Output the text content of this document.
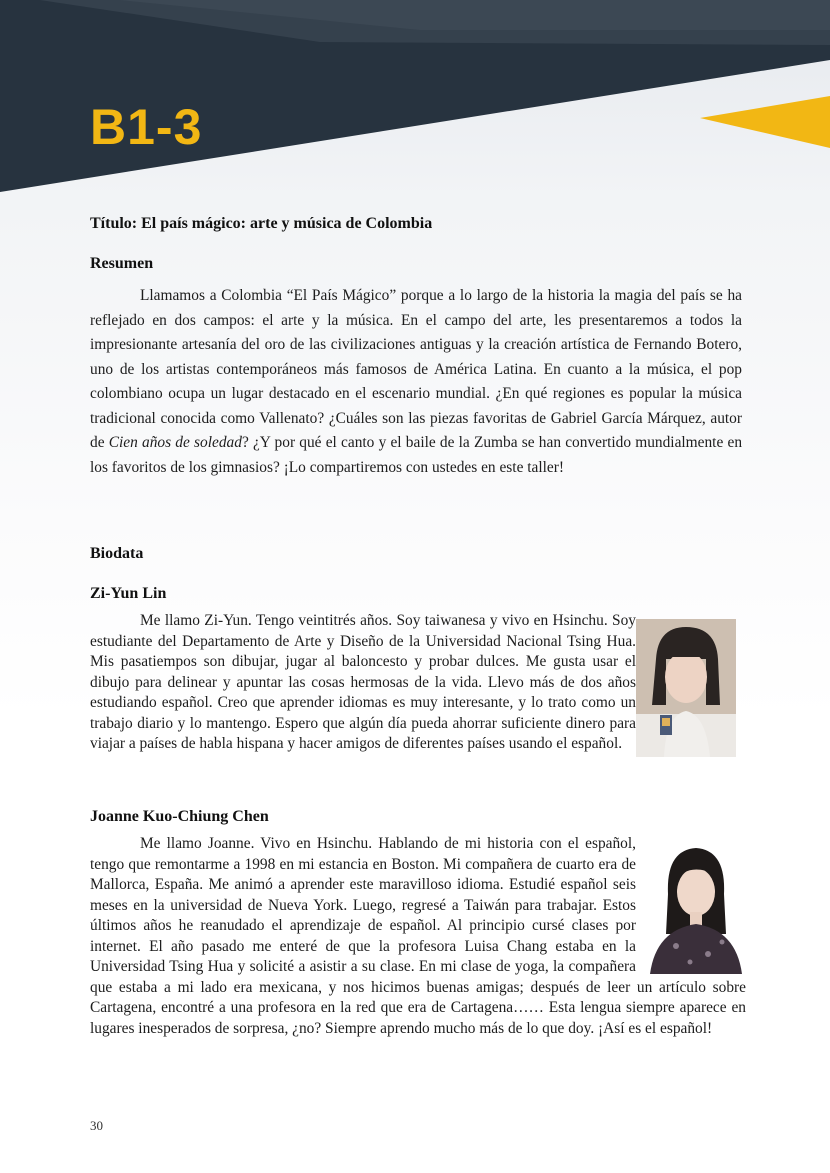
B1-3
Título: El país mágico: arte y música de Colombia
Resumen
Llamamos a Colombia “El País Mágico” porque a lo largo de la historia la magia del país se ha reflejado en dos campos: el arte y la música. En el campo del arte, les presentaremos a todos la impresionante artesanía del oro de las civilizaciones antiguas y la creación artística de Fernando Botero, uno de los artistas contemporáneos más famosos de América Latina. En cuanto a la música, el pop colombiano ocupa un lugar destacado en el escenario mundial. ¿En qué regiones es popular la música tradicional conocida como Vallenato? ¿Cuáles son las piezas favoritas de Gabriel García Márquez, autor de Cien años de soledad? ¿Y por qué el canto y el baile de la Zumba se han convertido mundialmente en los favoritos de los gimnasios? ¡Lo compartiremos con ustedes en este taller!
Biodata
Zi-Yun Lin
Me llamo Zi-Yun. Tengo veintitrés años. Soy taiwanesa y vivo en Hsinchu. Soy estudiante del Departamento de Arte y Diseño de la Universidad Nacional Tsing Hua. Mis pasatiempos son dibujar, jugar al baloncesto y probar dulces. Me gusta usar el dibujo para delinear y apuntar las cosas hermosas de la vida. Llevo más de dos años estudiando español. Creo que aprender idiomas es muy interesante, y lo trato como un trabajo diario y lo mantengo. Espero que algún día pueda ahorrar suficiente dinero para viajar a países de habla hispana y hacer amigos de diferentes países usando el español.
Joanne Kuo-Chiung Chen
Me llamo Joanne. Vivo en Hsinchu. Hablando de mi historia con el español, tengo que remontarme a 1998 en mi estancia en Boston. Mi compañera de cuarto era de Mallorca, España. Me animó a aprender este maravilloso idioma. Estudié español seis meses en la universidad de Nueva York. Luego, regresé a Taiwán para trabajar. Estos últimos años he reanudado el aprendizaje de español. Al principio cursé clases por internet. El año pasado me enteré de que la profesora Luisa Chang estaba en la Universidad Tsing Hua y solicité a asistir a su clase. En mi clase de yoga, la compañera que estaba a mi lado era mexicana, y nos hicimos buenas amigas; después de leer un artículo sobre Cartagena, encontré a una profesora en la red que era de Cartagena…… Esta lengua siempre aparece en lugares inesperados de sorpresa, ¿no? Siempre aprendo mucho más de lo que doy. ¡Así es el español!
30
